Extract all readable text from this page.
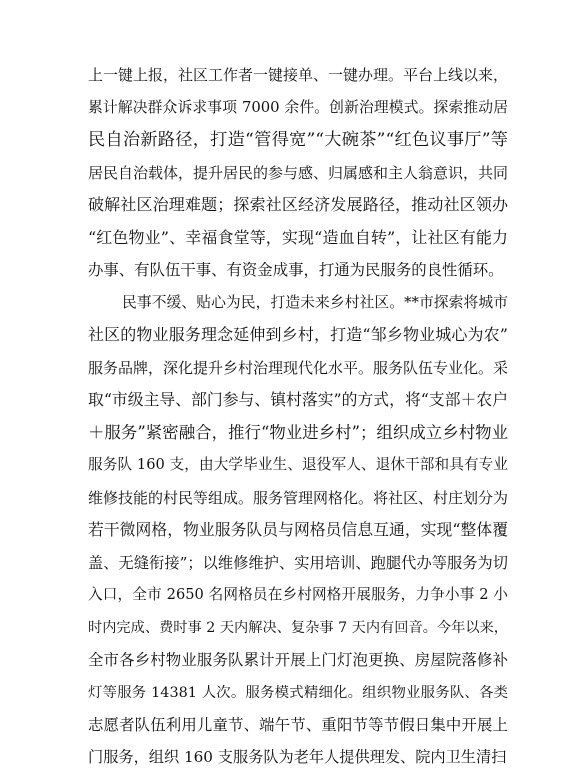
上一键上报，社区工作者一键接单、一键办理。平台上线以来，
累计解决群众诉求事项 7000 余件。创新治理模式。探索推动居
民自治新路径，打造“管得宽”“大碗茶”“红色议事厅”等
居民自治载体，提升居民的参与感、归属感和主人翁意识，共同
破解社区治理难题；探索社区经济发展路径，推动社区领办
“红色物业”、幸福食堂等，实现“造血自转”，让社区有能力
办事、有队伍干事、有资金成事，打通为民服务的良性循环。
民事不缓、贴心为民，打造未来乡村社区。**市探索将城市
社区的物业服务理念延伸到乡村，打造“邹乡物业城心为农”
服务品牌，深化提升乡村治理现代化水平。服务队伍专业化。采
取“市级主导、部门参与、镇村落实”的方式，将“支部＋农户
＋服务”紧密融合，推行“物业进乡村”；组织成立乡村物业
服务队 160 支，由大学毕业生、退役军人、退休干部和具有专业
维修技能的村民等组成。服务管理网格化。将社区、村庄划分为
若干微网格，物业服务队员与网格员信息互通，实现“整体覆
盖、无缝衔接”；以维修维护、实用培训、跑腿代办等服务为切
入口，全市 2650 名网格员在乡村网格开展服务，力争小事 2 小
时内完成、费时事 2 天内解决、复杂事 7 天内有回音。今年以来，
全市各乡村物业服务队累计开展上门灯泡更换、房屋院落修补
灯等服务 14381 人次。服务模式精细化。组织物业服务队、各类
志愿者队伍利用儿童节、端午节、重阳节等节假日集中开展上
门服务，组织 160 支服务队为老年人提供理发、院内卫生清扫
